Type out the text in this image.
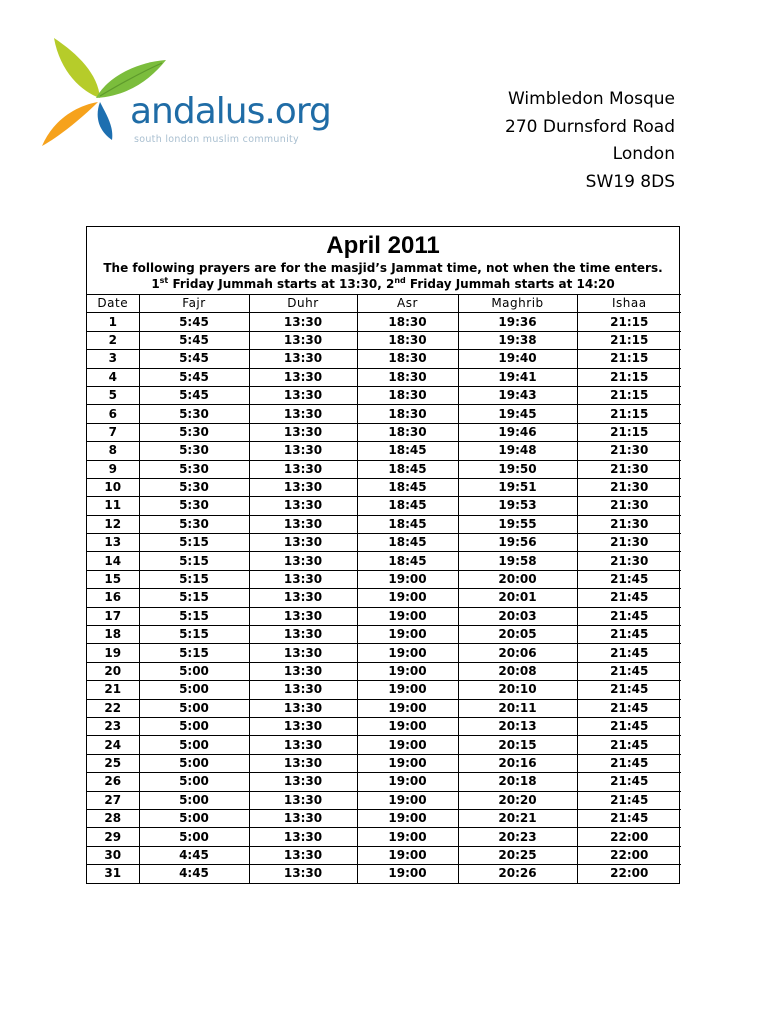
andalus.org
south london muslim community
Wimbledon Mosque
270 Durnsford Road
London
SW19 8DS
April 2011
The following prayers are for the masjid’s Jammat time, not when the time enters.
1st Friday Jummah starts at 13:30, 2nd Friday Jummah starts at 14:20
Date	Fajr	Duhr	Asr	Maghrib	Ishaa
1	5:45	13:30	18:30	19:36	21:15
2	5:45	13:30	18:30	19:38	21:15
3	5:45	13:30	18:30	19:40	21:15
4	5:45	13:30	18:30	19:41	21:15
5	5:45	13:30	18:30	19:43	21:15
6	5:30	13:30	18:30	19:45	21:15
7	5:30	13:30	18:30	19:46	21:15
8	5:30	13:30	18:45	19:48	21:30
9	5:30	13:30	18:45	19:50	21:30
10	5:30	13:30	18:45	19:51	21:30
11	5:30	13:30	18:45	19:53	21:30
12	5:30	13:30	18:45	19:55	21:30
13	5:15	13:30	18:45	19:56	21:30
14	5:15	13:30	18:45	19:58	21:30
15	5:15	13:30	19:00	20:00	21:45
16	5:15	13:30	19:00	20:01	21:45
17	5:15	13:30	19:00	20:03	21:45
18	5:15	13:30	19:00	20:05	21:45
19	5:15	13:30	19:00	20:06	21:45
20	5:00	13:30	19:00	20:08	21:45
21	5:00	13:30	19:00	20:10	21:45
22	5:00	13:30	19:00	20:11	21:45
23	5:00	13:30	19:00	20:13	21:45
24	5:00	13:30	19:00	20:15	21:45
25	5:00	13:30	19:00	20:16	21:45
26	5:00	13:30	19:00	20:18	21:45
27	5:00	13:30	19:00	20:20	21:45
28	5:00	13:30	19:00	20:21	21:45
29	5:00	13:30	19:00	20:23	22:00
30	4:45	13:30	19:00	20:25	22:00
31	4:45	13:30	19:00	20:26	22:00
